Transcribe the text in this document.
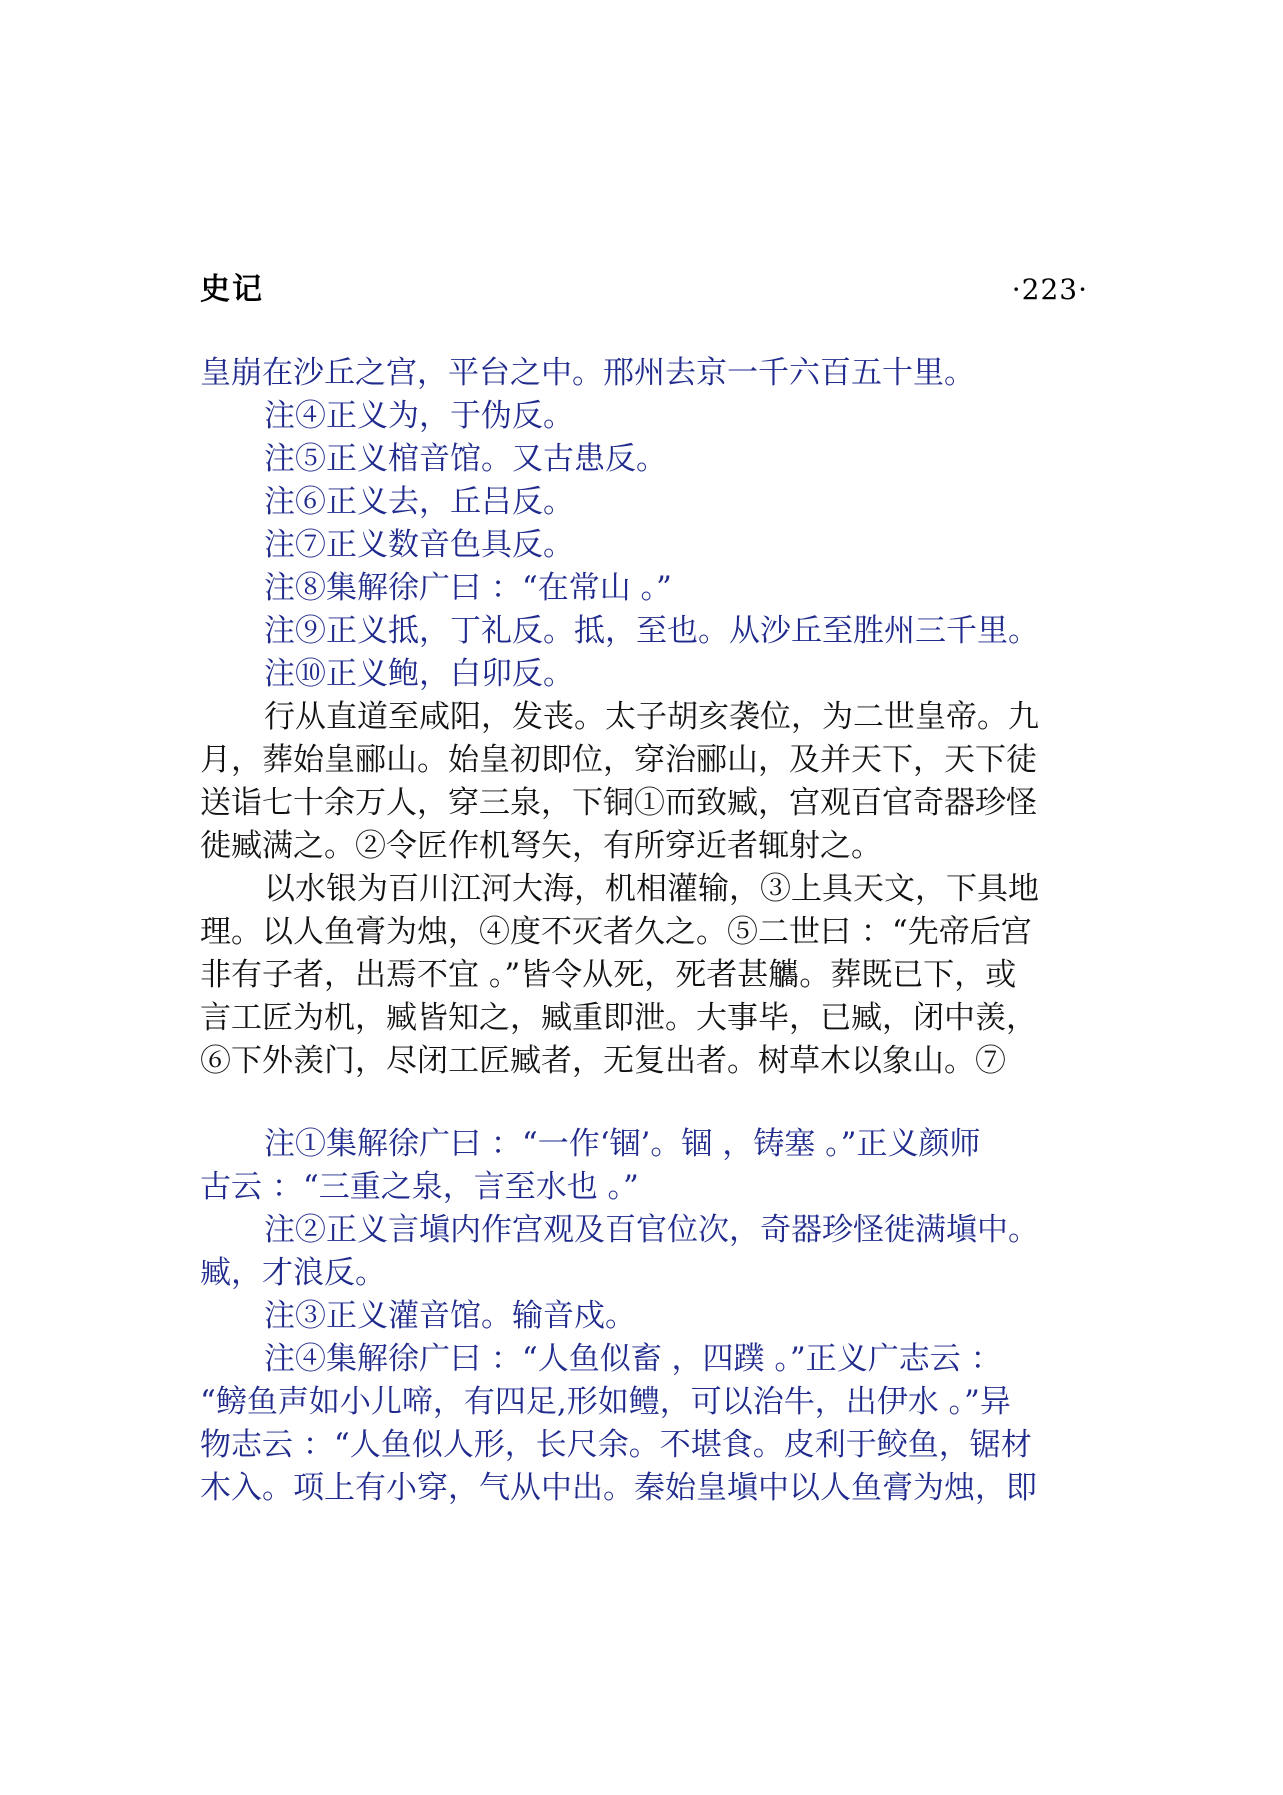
史记	·223·
皇崩在沙丘之宫，平台之中。邢州去京一千六百五十里。
注④正义为，于伪反。
注⑤正义棺音馆。又古患反。
注⑥正义去，丘吕反。
注⑦正义数音色具反。
注⑧集解徐广曰 ：“在常山 。”
注⑨正义抵，丁礼反。抵，至也。从沙丘至胜州三千里。
注⑩正义鲍，白卯反。
行从直道至咸阳，发丧。太子胡亥袭位，为二世皇帝。九
月，葬始皇郦山。始皇初即位，穿治郦山，及并天下，天下徒
送诣七十余万人，穿三泉，下铜①而致臧，宫观百官奇器珍怪
徙臧满之。②令匠作机弩矢，有所穿近者辄射之。
以水银为百川江河大海，机相灌输，③上具天文，下具地
理。以人鱼膏为烛，④度不灭者久之。⑤二世曰 ：“先帝后宫
非有子者，出焉不宜 。”皆令从死，死者甚觿。葬既已下，或
言工匠为机，臧皆知之，臧重即泄。大事毕，已臧，闭中羡，
⑥下外羡门，尽闭工匠臧者，无复出者。树草木以象山。⑦
注①集解徐广曰 ：“一作‘锢’。锢 ，铸塞 。”正义颜师
古云 ：“三重之泉，言至水也 。”
注②正义言塡内作宫观及百官位次，奇器珍怪徙满塡中。
臧，才浪反。
注③正义灌音馆。输音戍。
注④集解徐广曰 ：“人鱼似畜 ，四蹼 。”正义广志云 ：
“鳑鱼声如小儿啼，有四足,形如鳢，可以治牛，出伊水 。”异
物志云 ：“人鱼似人形，长尺余。不堪食。皮利于鲛鱼，锯材
木入。项上有小穿，气从中出。秦始皇塡中以人鱼膏为烛，即
